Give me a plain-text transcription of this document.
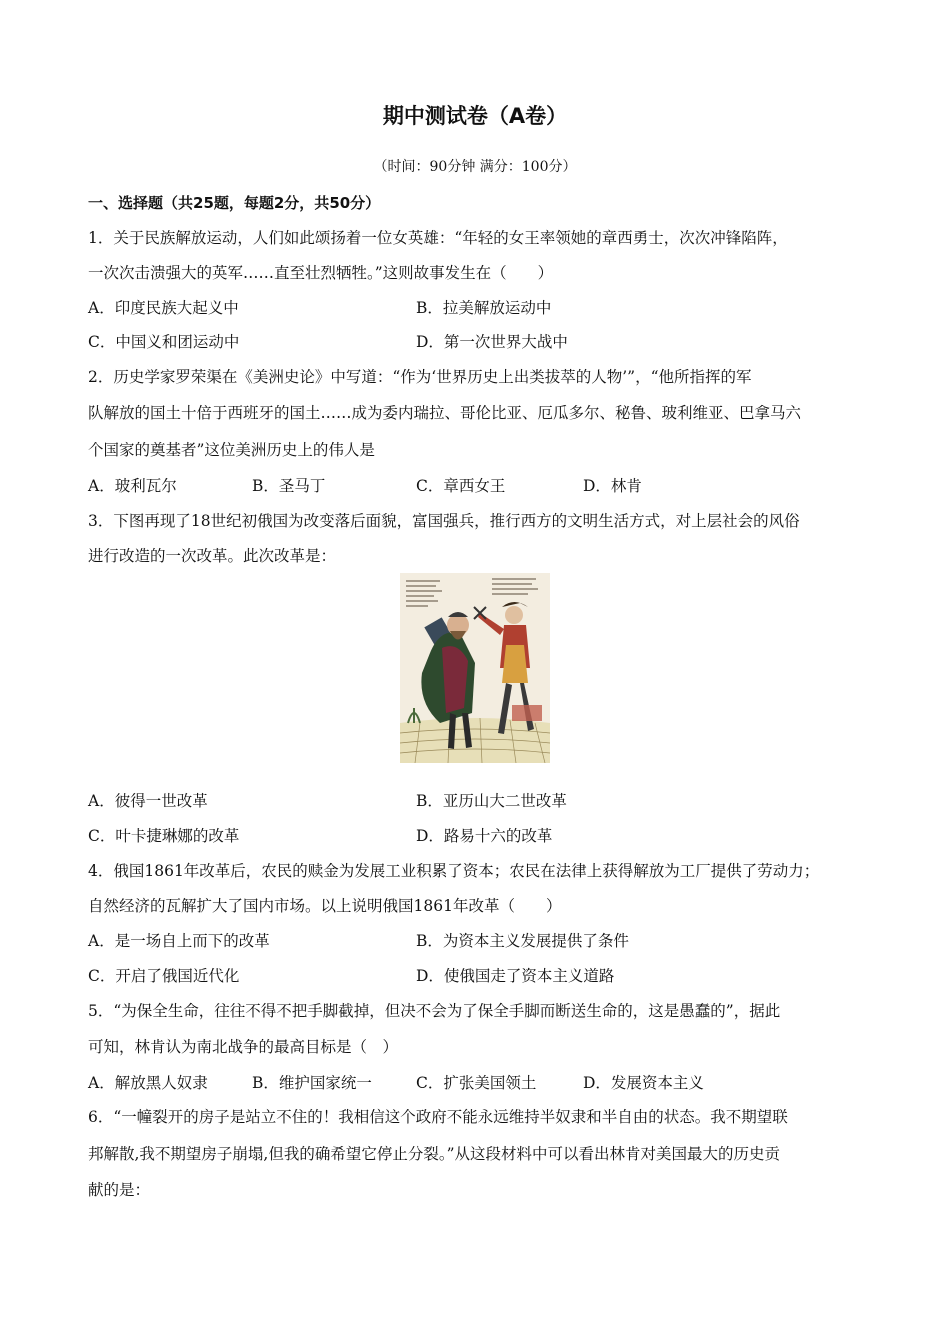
期中测试卷（A卷）
（时间：90分钟 满分：100分）
一、选择题（共25题，每题2分，共50分）
1．关于民族解放运动，人们如此颂扬着一位女英雄：“年轻的女王率领她的章西勇士，次次冲锋陷阵，
一次次击溃强大的英军……直至壮烈牺牲。”这则故事发生在（　　）
A．印度民族大起义中	B．拉美解放运动中
C．中国义和团运动中	D．第一次世界大战中
2．历史学家罗荣渠在《美洲史论》中写道：“作为‘世界历史上出类拔萃的人物’”，“他所指挥的军
队解放的国土十倍于西班牙的国土……成为委内瑞拉、哥伦比亚、厄瓜多尔、秘鲁、玻利维亚、巴拿马六
个国家的奠基者”这位美洲历史上的伟人是
A．玻利瓦尔	B．圣马丁	C．章西女王	D．林肯
3．下图再现了18世纪初俄国为改变落后面貌，富国强兵，推行西方的文明生活方式，对上层社会的风俗
进行改造的一次改革。此次改革是：
A．彼得一世改革	B．亚历山大二世改革
C．叶卡捷琳娜的改革	D．路易十六的改革
4．俄国1861年改革后，农民的赎金为发展工业积累了资本；农民在法律上获得解放为工厂提供了劳动力；
自然经济的瓦解扩大了国内市场。以上说明俄国1861年改革（　　）
A．是一场自上而下的改革	B．为资本主义发展提供了条件
C．开启了俄国近代化	D．使俄国走了资本主义道路
5．“为保全生命，往往不得不把手脚截掉，但决不会为了保全手脚而断送生命的，这是愚蠢的”，据此
可知，林肯认为南北战争的最高目标是（　）
A．解放黑人奴隶	B．维护国家统一	C．扩张美国领土	D．发展资本主义
6．“一幢裂开的房子是站立不住的！我相信这个政府不能永远维持半奴隶和半自由的状态。我不期望联
邦解散,我不期望房子崩塌,但我的确希望它停止分裂。”从这段材料中可以看出林肯对美国最大的历史贡
献的是：
